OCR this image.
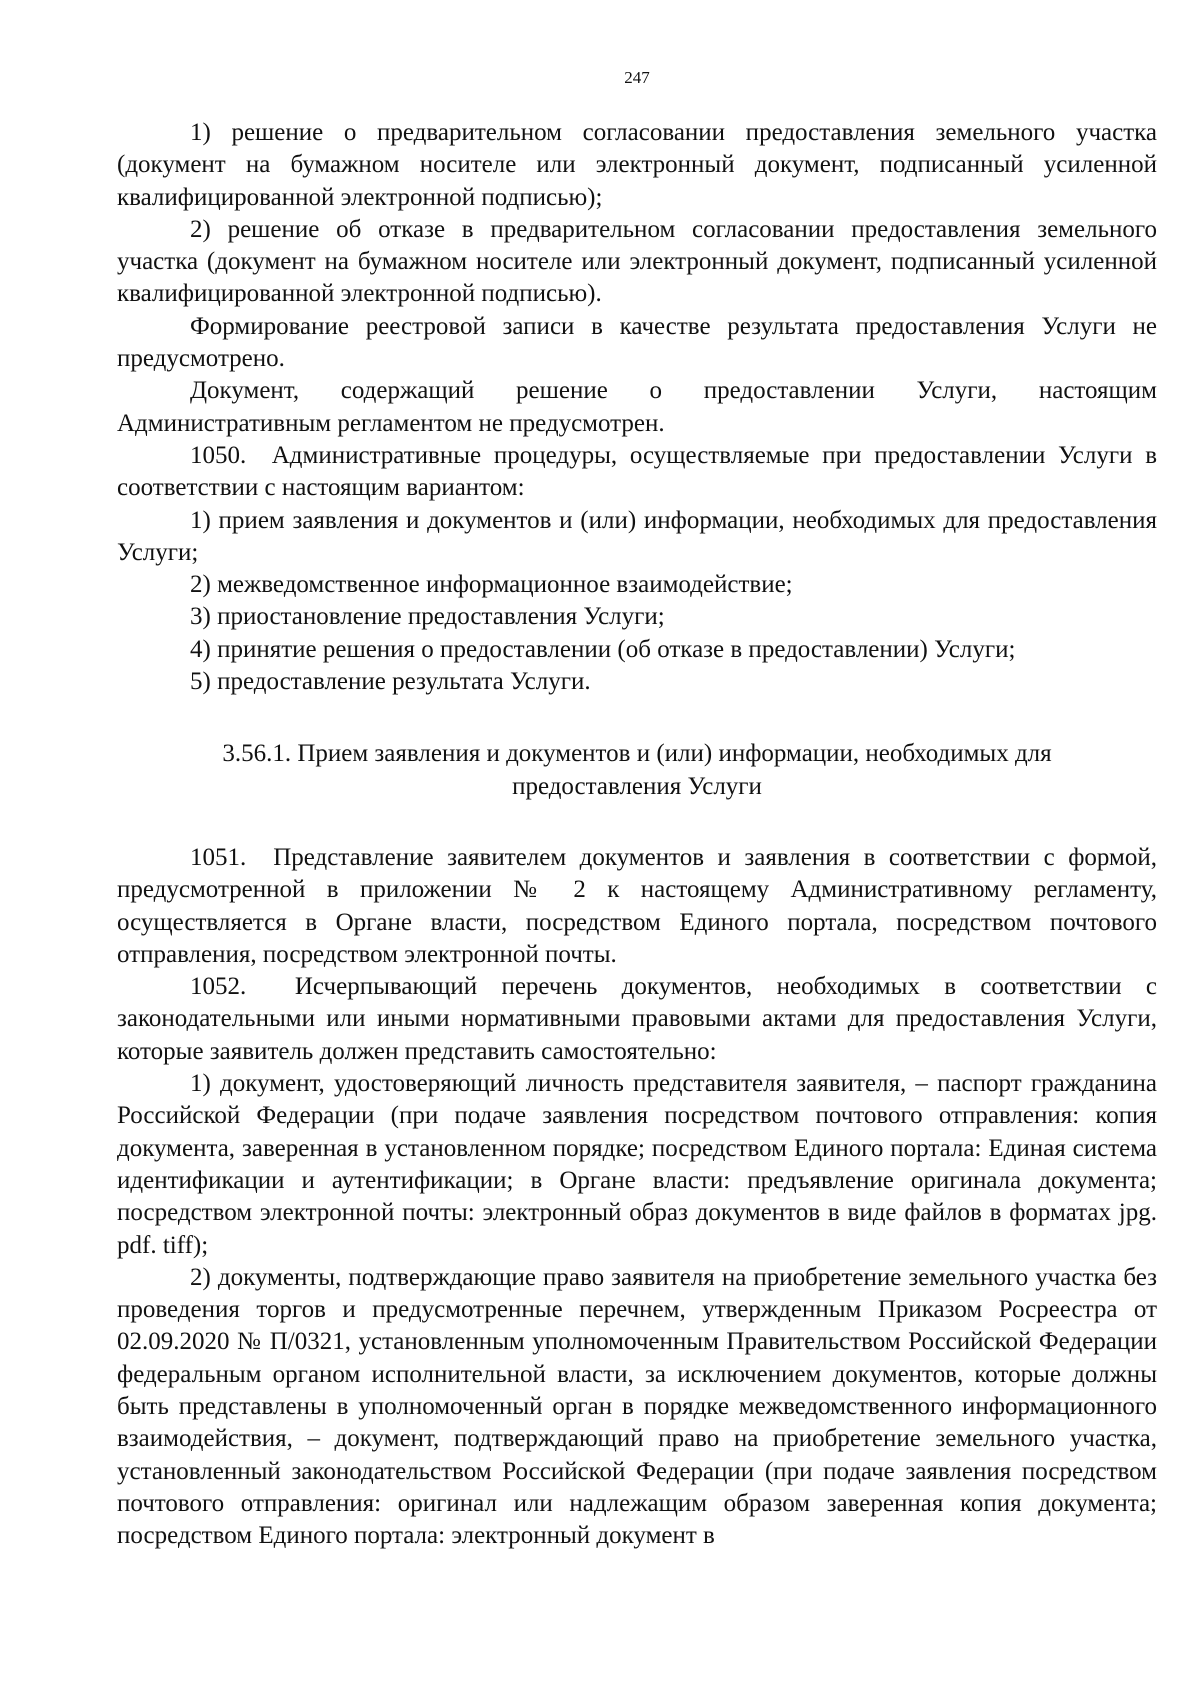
247

1) решение о предварительном согласовании предоставления земельного участка (документ на бумажном носителе или электронный документ, подписанный усиленной квалифицированной электронной подписью);

2) решение об отказе в предварительном согласовании предоставления земельного участка (документ на бумажном носителе или электронный документ, подписанный усиленной квалифицированной электронной подписью).

Формирование реестровой записи в качестве результата предоставления Услуги не предусмотрено.

Документ, содержащий решение о предоставлении Услуги, настоящим Административным регламентом не предусмотрен.

1050.  Административные процедуры, осуществляемые при предоставлении Услуги в соответствии с настоящим вариантом:

1) прием заявления и документов и (или) информации, необходимых для предоставления Услуги;

2) межведомственное информационное взаимодействие;

3) приостановление предоставления Услуги;

4) принятие решения о предоставлении (об отказе в предоставлении) Услуги;

5) предоставление результата Услуги.

3.56.1. Прием заявления и документов и (или) информации, необходимых для предоставления Услуги

1051.  Представление заявителем документов и заявления в соответствии с формой, предусмотренной в приложении № 2 к настоящему Административному регламенту, осуществляется в Органе власти, посредством Единого портала, посредством почтового отправления, посредством электронной почты.

1052.  Исчерпывающий перечень документов, необходимых в соответствии с законодательными или иными нормативными правовыми актами для предоставления Услуги, которые заявитель должен представить самостоятельно:

1) документ, удостоверяющий личность представителя заявителя, – паспорт гражданина Российской Федерации (при подаче заявления посредством почтового отправления: копия документа, заверенная в установленном порядке; посредством Единого портала: Единая система идентификации и аутентификации; в Органе власти: предъявление оригинала документа; посредством электронной почты: электронный образ документов в виде файлов в форматах jpg. pdf. tiff);

2) документы, подтверждающие право заявителя на приобретение земельного участка без проведения торгов и предусмотренные перечнем, утвержденным Приказом Росреестра от 02.09.2020 № П/0321, установленным уполномоченным Правительством Российской Федерации федеральным органом исполнительной власти, за исключением документов, которые должны быть представлены в уполномоченный орган в порядке межведомственного информационного взаимодействия, – документ, подтверждающий право на приобретение земельного участка, установленный законодательством Российской Федерации (при подаче заявления посредством почтового отправления: оригинал или надлежащим образом заверенная копия документа; посредством Единого портала: электронный документ в
